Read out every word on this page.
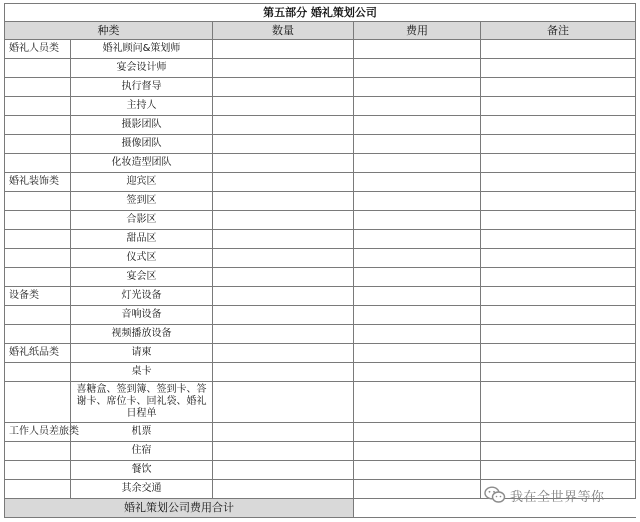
第五部分 婚礼策划公司				
种类		数量	费用	备注
婚礼人员类	婚礼顾问&策划师			
	宴会设计师			
	执行督导			
	主持人			
	摄影团队			
	摄像团队			
	化妆造型团队			
婚礼装饰类	迎宾区			
	签到区			
	合影区			
	甜品区			
	仪式区			
	宴会区			
设备类	灯光设备			
	音响设备			
	视频播放设备			
婚礼纸品类	请柬			
	桌卡			
	喜糖盒、签到簿、签到卡、答谢卡、席位卡、回礼袋、婚礼日程单			
工作人员差旅类	机票			
	住宿			
	餐饮			
	其余交通			
婚礼策划公司费用合计				
我在全世界等你
